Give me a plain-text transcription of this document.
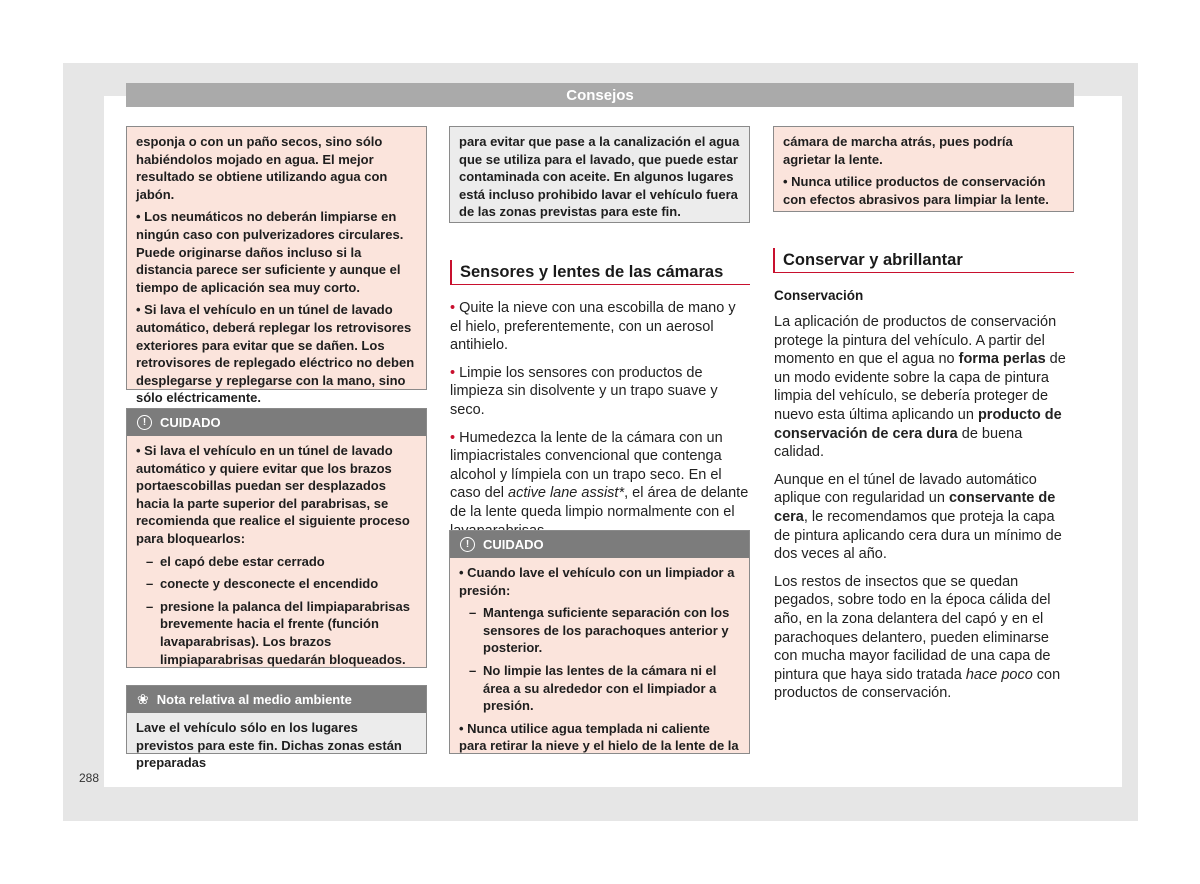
Consejos

esponja o con un paño secos, sino sólo habiéndolos mojado en agua. El mejor resultado se obtiene utilizando agua con jabón.

• Los neumáticos no deberán limpiarse en ningún caso con pulverizadores circulares. Puede originarse daños incluso si la distancia parece ser suficiente y aunque el tiempo de aplicación sea muy corto.

• Si lava el vehículo en un túnel de lavado automático, deberá replegar los retrovisores exteriores para evitar que se dañen. Los retrovisores de replegado eléctrico no deben desplegarse y replegarse con la mano, sino sólo eléctricamente.

!	CUIDADO

• Si lava el vehículo en un túnel de lavado automático y quiere evitar que los brazos portaescobillas puedan ser desplazados hacia la parte superior del parabrisas, se recomienda que realice el siguiente proceso para bloquearlos:

– el capó debe estar cerrado
– conecte y desconecte el encendido
– presione la palanca del limpiaparabrisas brevemente hacia el frente (función lavaparabrisas). Los brazos limpiaparabrisas quedarán bloqueados.
❀ Nota relativa al medio ambiente

Lave el vehículo sólo en los lugares previstos para este fin. Dichas zonas están preparadas

para evitar que pase a la canalización el agua que se utiliza para el lavado, que puede estar contaminada con aceite. En algunos lugares está incluso prohibido lavar el vehículo fuera de las zonas previstas para este fin.

Sensores y lentes de las cámaras

• Quite la nieve con una escobilla de mano y el hielo, preferentemente, con un aerosol antihielo.

• Limpie los sensores con productos de limpieza sin disolvente y un trapo suave y seco.

• Humedezca la lente de la cámara con un limpiacristales convencional que contenga alcohol y límpiela con un trapo seco. En el caso del active lane assist*, el área de delante de la lente queda limpio normalmente con el

!	CUIDADO

• Cuando lave el vehículo con un limpiador a presión:

– Mantenga suficiente separación con los sensores de los parachoques anterior y posterior.
– No limpie las lentes de la cámara ni el área a su alrededor con el limpiador a presión.

• Nunca utilice agua templada ni caliente para retirar la nieve y el hielo de la lente de la

cámara de marcha atrás, pues podría agrietar la lente.

• Nunca utilice productos de conservación con efectos abrasivos para limpiar la lente.

Conservar y abrillantar
Conservación

La aplicación de productos de conservación protege la pintura del vehículo. A partir del momento en que el agua no forma perlas de un modo evidente sobre la capa de pintura limpia del vehículo, se debería proteger de nuevo esta última aplicando un producto de conservación de cera dura de buena calidad.

Aunque en el túnel de lavado automático aplique con regularidad un conservante de cera, le recomendamos que proteja la capa de pintura aplicando cera dura un mínimo de dos veces al año.

Los restos de insectos que se quedan pegados, sobre todo en la época cálida del año, en la zona delantera del capó y en el parachoques delantero, pueden eliminarse con mucha mayor facilidad de una capa de pintura que haya sido tratada hace poco con productos de conservación.

288
